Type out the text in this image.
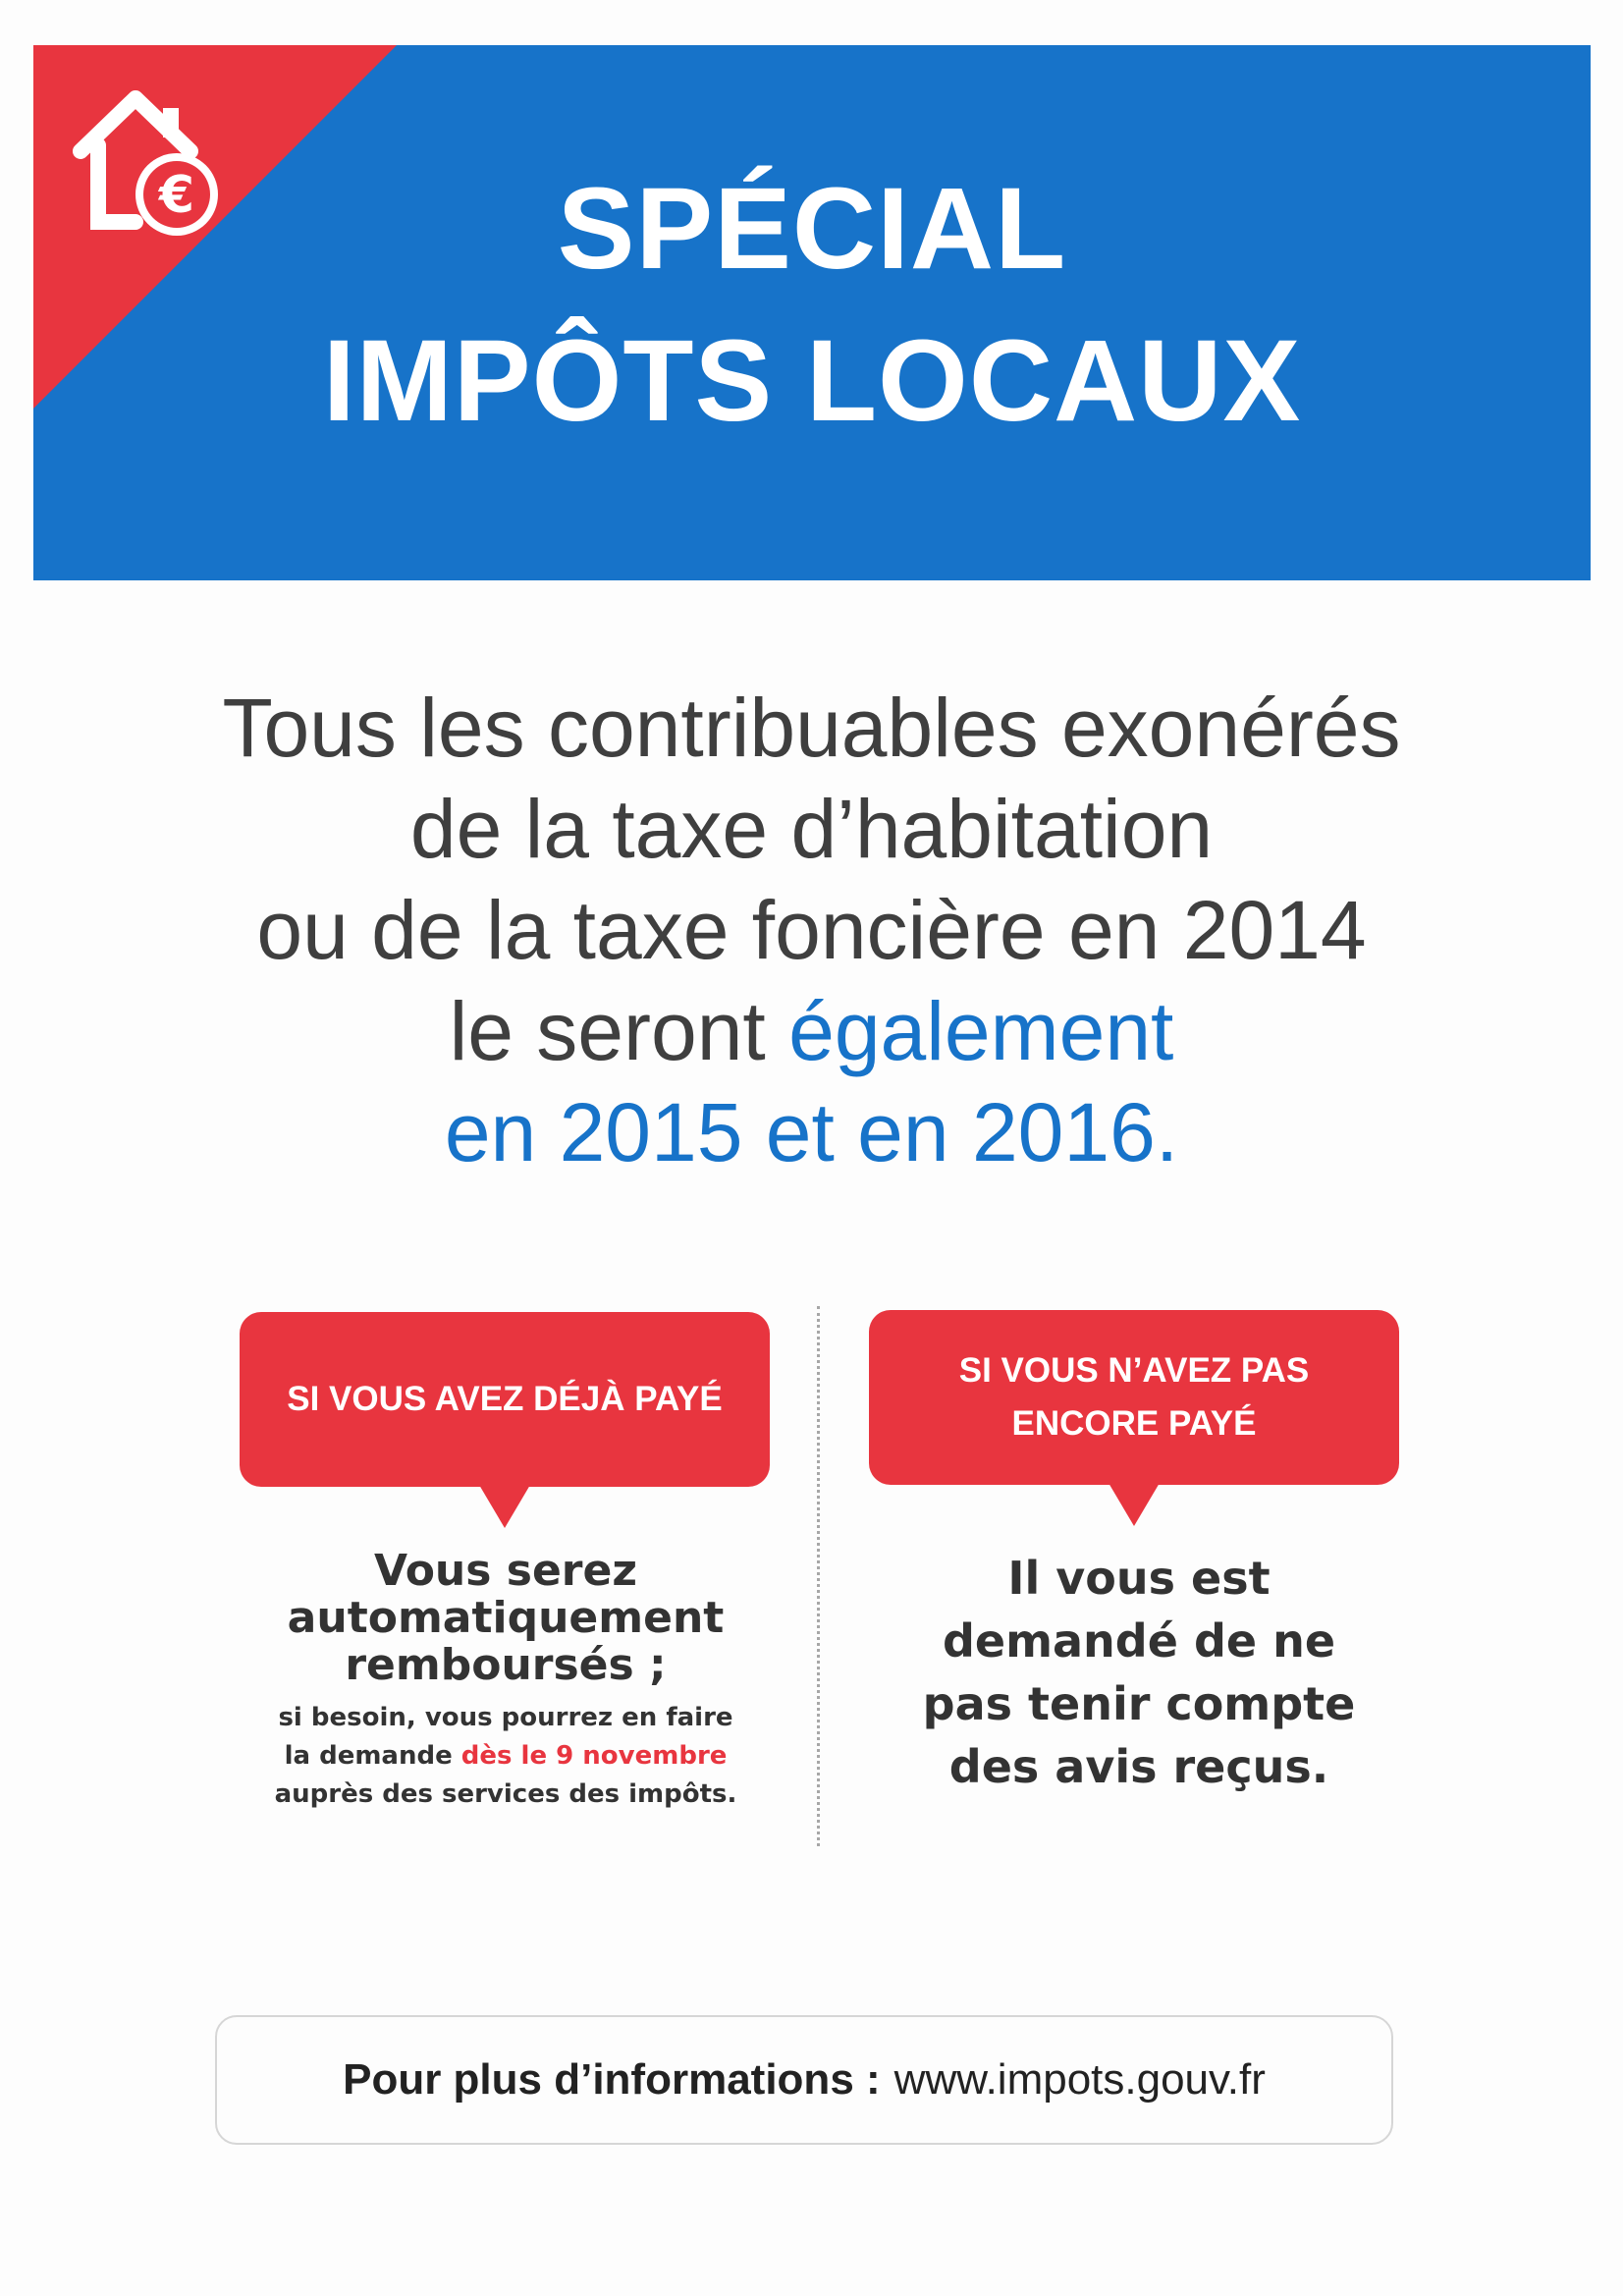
€	SPÉCIAL
IMPÔTS LOCAUX

Tous les contribuables exonérés
de la taxe d’habitation
ou de la taxe foncière en 2014
le seront également
en 2015 et en 2016.

SI VOUS AVEZ DÉJÀ PAYÉ
SI VOUS N’AVEZ PAS
ENCORE PAYÉ
Vous serez
automatiquement
remboursés ;
si besoin, vous pourrez en faire
la demande dès le 9 novembre
auprès des services des impôts.
Il vous est
demandé de ne
pas tenir compte
des avis reçus.
Pour plus d’informations : www.impots.gouv.fr
